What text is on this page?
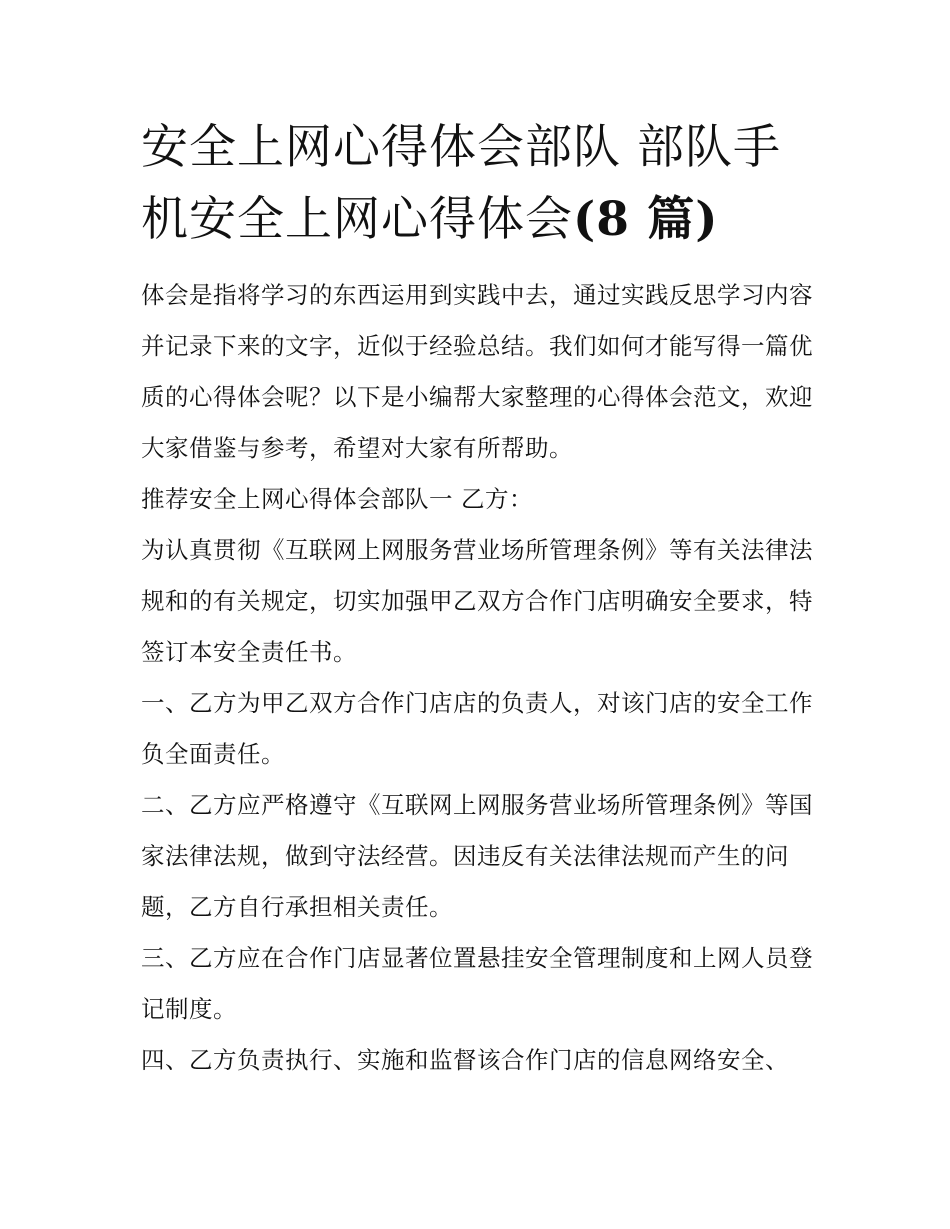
安全上网心得体会部队 部队手
机安全上网心得体会(8 篇)

体会是指将学习的东西运用到实践中去，通过实践反思学习内容并记录下来的文字，近似于经验总结。我们如何才能写得一篇优质的心得体会呢？以下是小编帮大家整理的心得体会范文，欢迎大家借鉴与参考，希望对大家有所帮助。

推荐安全上网心得体会部队一 乙方：

为认真贯彻《互联网上网服务营业场所管理条例》等有关法律法规和的有关规定，切实加强甲乙双方合作门店明确安全要求，特签订本安全责任书。

一、乙方为甲乙双方合作门店店的负责人，对该门店的安全工作负全面责任。

二、乙方应严格遵守《互联网上网服务营业场所管理条例》等国家法律法规，做到守法经营。因违反有关法律法规而产生的问题，乙方自行承担相关责任。

三、乙方应在合作门店显著位置悬挂安全管理制度和上网人员登记制度。

四、乙方负责执行、实施和监督该合作门店的信息网络安全、
